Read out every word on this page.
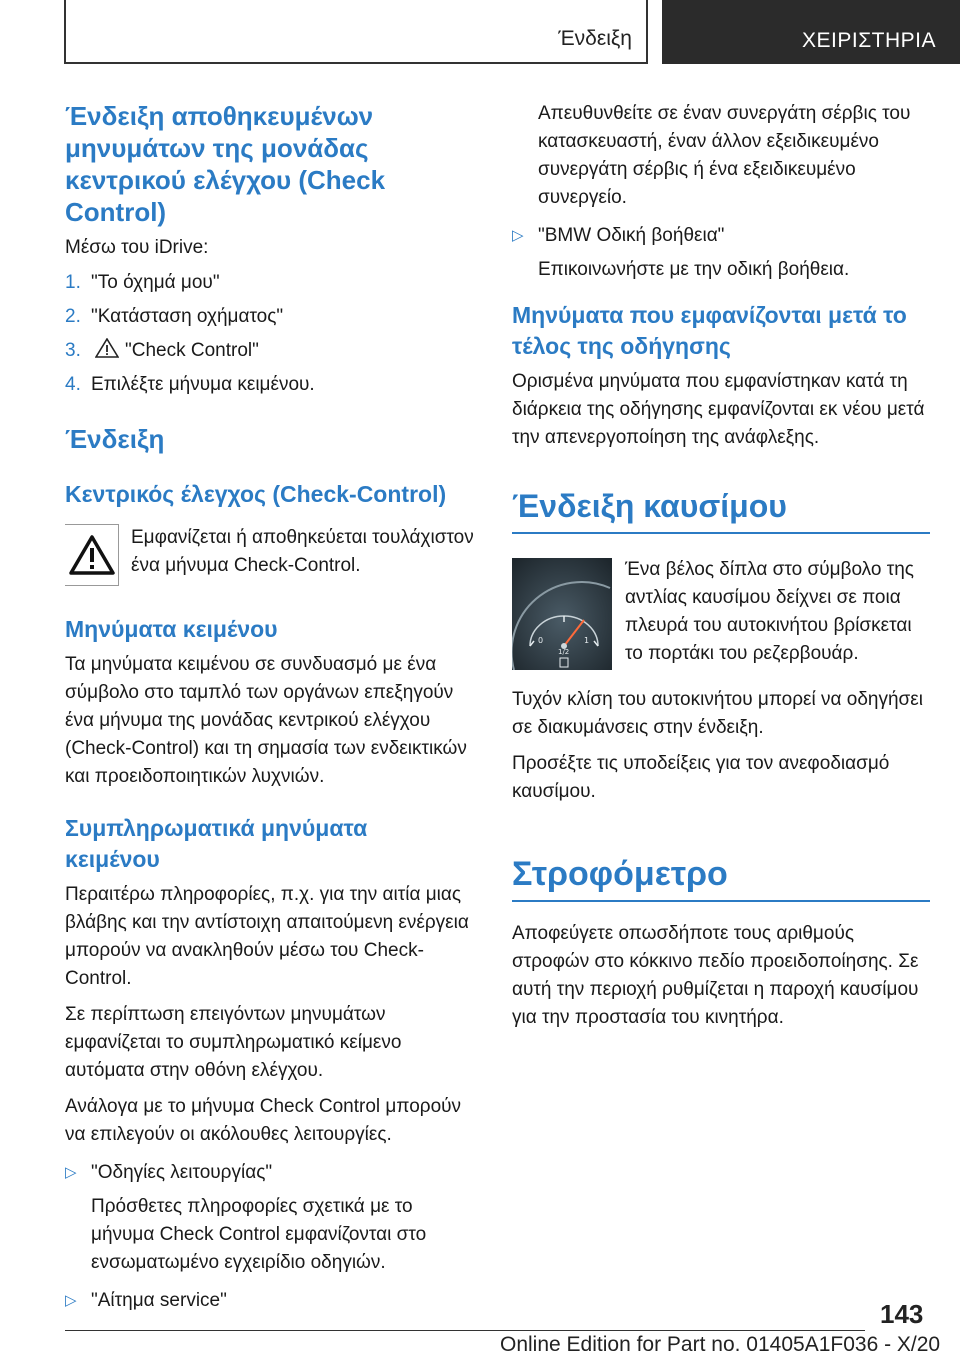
Ένδειξη	ΧΕΙΡΙΣΤΗΡΙΑ
Ένδειξη αποθηκευμένων μηνυμάτων της μονάδας κεντρικού ελέγχου (Check Control)

Μέσω του iDrive:

1. "Το όχημά μου"
2. "Κατάσταση οχήματος"
3. "Check Control"
4. Επιλέξτε μήνυμα κειμένου.
Ένδειξη
Κεντρικός έλεγχος (Check-Control)

Εμφανίζεται ή αποθηκεύεται τουλάχιστον ένα μήνυμα Check-Control.

Μηνύματα κειμένου

Τα μηνύματα κειμένου σε συνδυασμό με ένα σύμβολο στο ταμπλό των οργάνων επεξηγούν ένα μήνυμα της μονάδας κεντρικού ελέγχου (Check-Control) και τη σημασία των ενδεικτικών και προειδοποιητικών λυχνιών.

Συμπληρωματικά μηνύματα κειμένου

Περαιτέρω πληροφορίες, π.χ. για την αιτία μιας βλάβης και την αντίστοιχη απαιτούμενη ενέργεια μπορούν να ανακληθούν μέσω του Check-Control.

Σε περίπτωση επειγόντων μηνυμάτων εμφανίζεται το συμπληρωματικό κείμενο αυτόματα στην οθόνη ελέγχου.

Ανάλογα με το μήνυμα Check Control μπορούν να επιλεγούν οι ακόλουθες λειτουργίες.

▷ "Οδηγίες λειτουργίας"

Πρόσθετες πληροφορίες σχετικά με το μήνυμα Check Control εμφανίζονται στο ενσωματωμένο εγχειρίδιο οδηγιών.

▷ "Αίτημα service"

Απευθυνθείτε σε έναν συνεργάτη σέρβις του κατασκευαστή, έναν άλλον εξειδικευμένο συνεργάτη σέρβις ή ένα εξειδικευμένο συνεργείο.

▷ "BMW Οδική βοήθεια"

Επικοινωνήστε με την οδική βοήθεια.

Μηνύματα που εμφανίζονται μετά το τέλος της οδήγησης

Ορισμένα μηνύματα που εμφανίστηκαν κατά τη διάρκεια της οδήγησης εμφανίζονται εκ νέου μετά την απενεργοποίηση της ανάφλεξης.

Ένδειξη καυσίμου
0
1/2
1

Ένα βέλος δίπλα στο σύμβολο της αντλίας καυσίμου δείχνει σε ποια πλευρά του αυτοκινήτου βρίσκεται το πορτάκι του ρεζερβουάρ.

Τυχόν κλίση του αυτοκινήτου μπορεί να οδηγήσει σε διακυμάνσεις στην ένδειξη.

Προσέξτε τις υποδείξεις για τον ανεφοδιασμό καυσίμου.

Στροφόμετρο

Αποφεύγετε οπωσδήποτε τους αριθμούς στροφών στο κόκκινο πεδίο προειδοποίησης. Σε αυτή την περιοχή ρυθμίζεται η παροχή καυσίμου για την προστασία του κινητήρα.

143
Online Edition for Part no. 01405A1F036 - X/20
